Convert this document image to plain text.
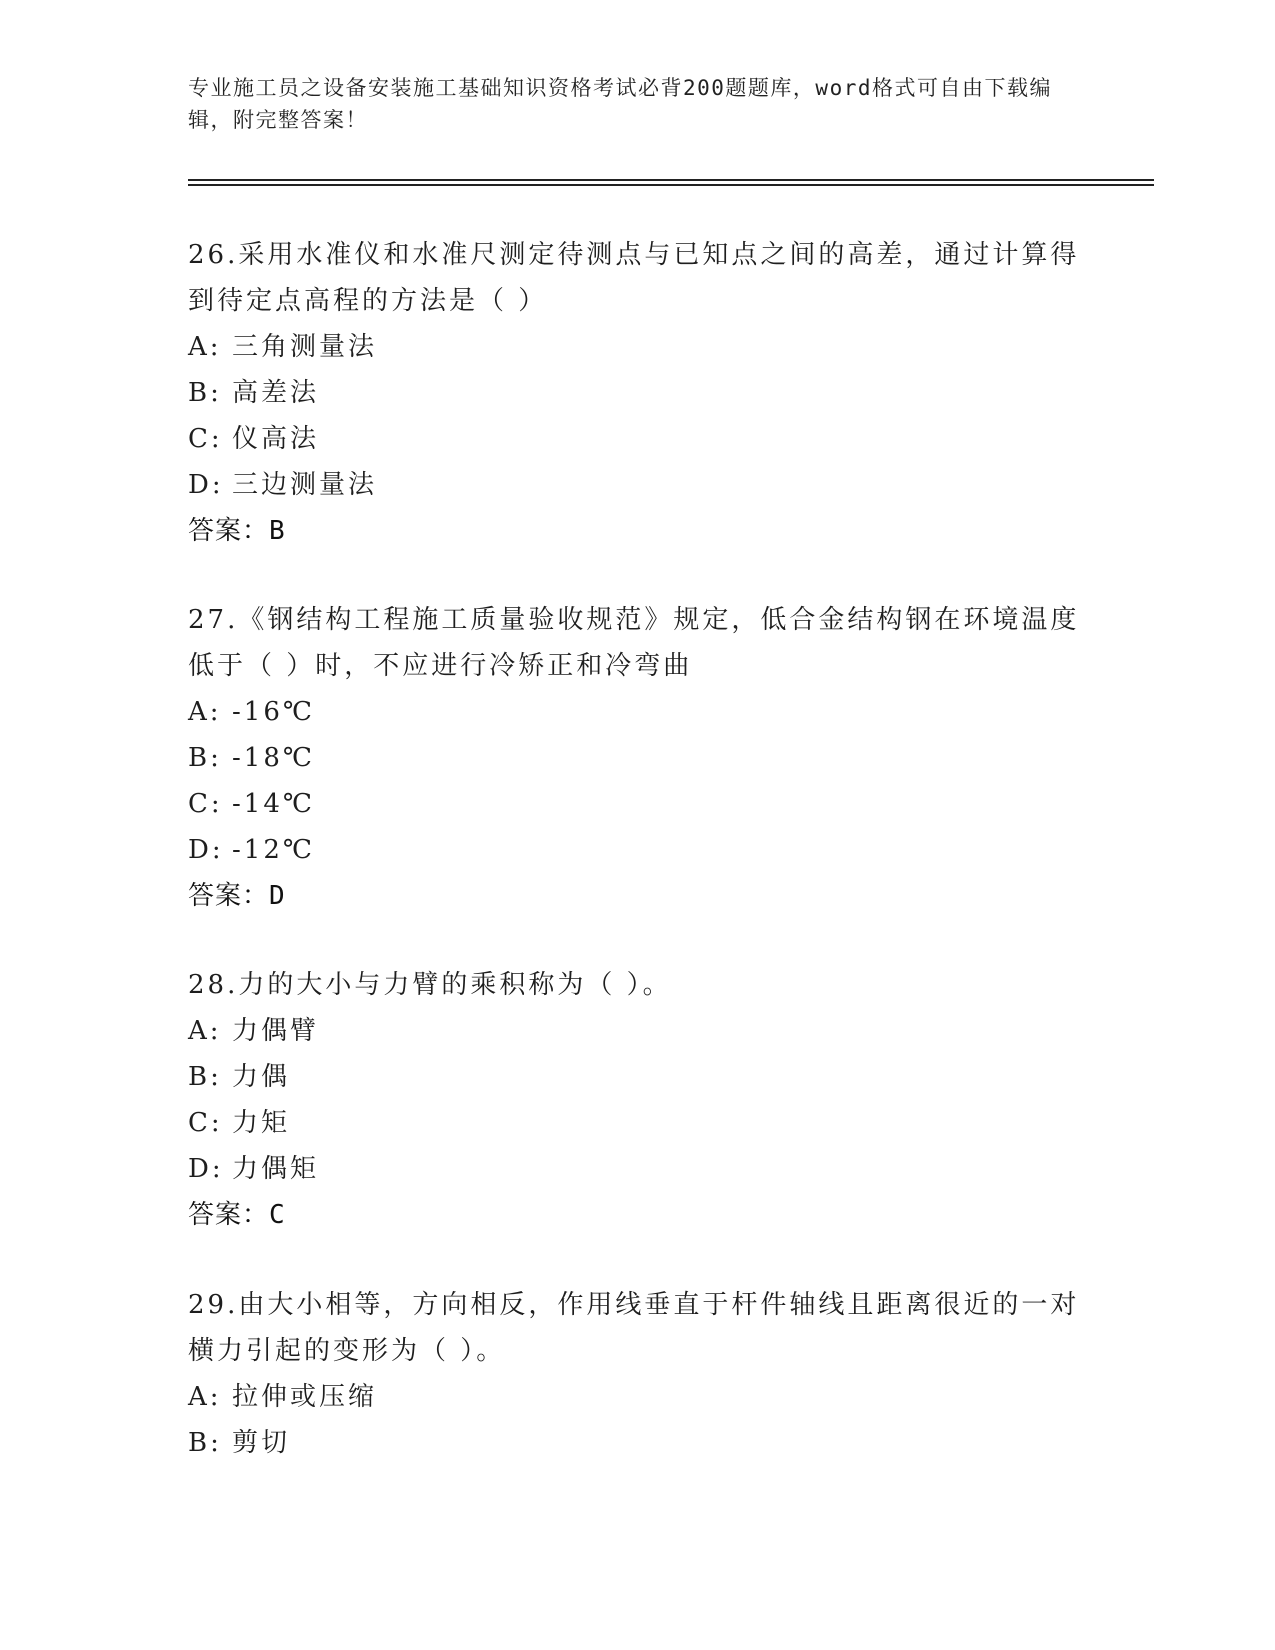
专业施工员之设备安装施工基础知识资格考试必背200题题库，word格式可自由下载编辑，附完整答案！
26.采用水准仪和水准尺测定待测点与已知点之间的高差，通过计算得到待定点高程的方法是（ ）
A: 三角测量法
B: 高差法
C: 仪高法
D: 三边测量法
答案：B
27.《钢结构工程施工质量验收规范》规定，低合金结构钢在环境温度低于（ ）时，不应进行冷矫正和冷弯曲
A: -16℃
B: -18℃
C: -14℃
D: -12℃
答案：D
28.力的大小与力臂的乘积称为（ ）。
A: 力偶臂
B: 力偶
C: 力矩
D: 力偶矩
答案：C
29.由大小相等，方向相反，作用线垂直于杆件轴线且距离很近的一对横力引起的变形为（ ）。
A: 拉伸或压缩
B: 剪切
